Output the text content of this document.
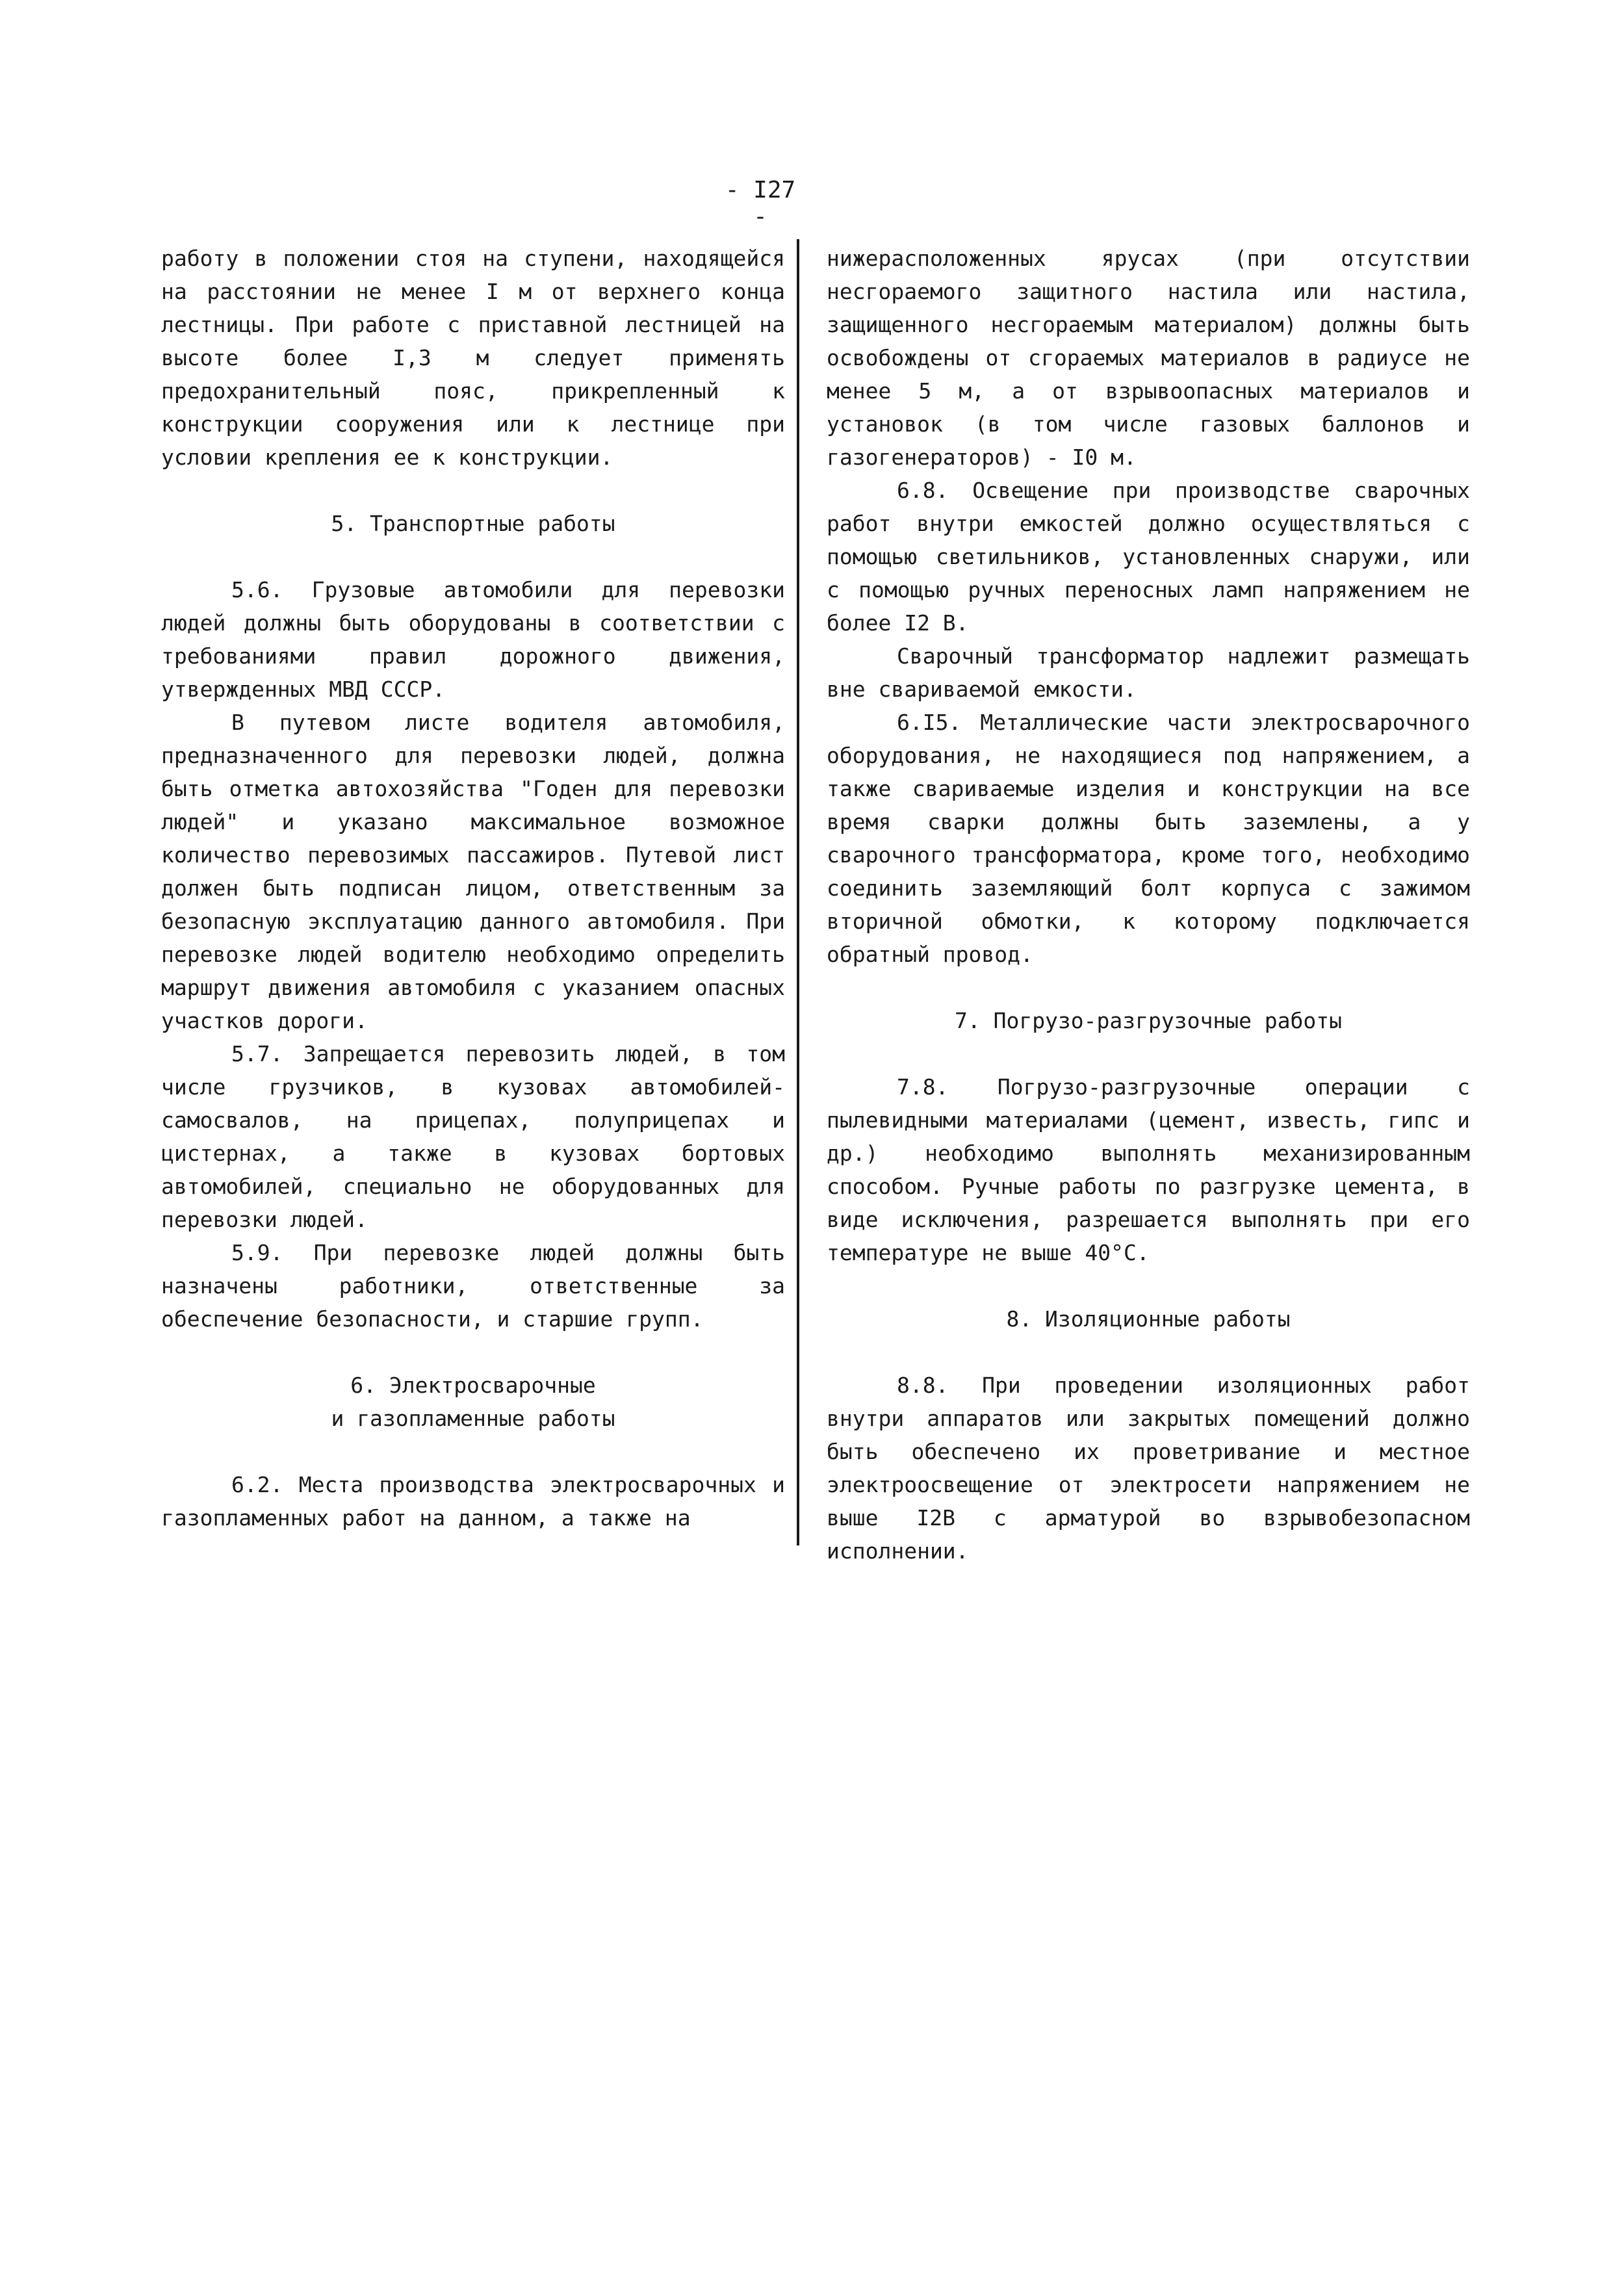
- I27 -

работу в положении стоя на ступени, находящейся на расстоянии не менее I м от верхнего конца лестницы. При работе с приставной лестницей на высоте более I,3 м следует применять предохранительный пояс, прикрепленный к конструкции сооружения или к лестнице при условии крепления ее к конструкции.

5. Транспортные работы

5.6. Грузовые автомобили для перевозки людей должны быть оборудованы в соответствии с требованиями правил дорожного движения, утвержденных МВД СССР.

В путевом листе водителя автомобиля, предназначенного для перевозки людей, должна быть отметка автохозяйства "Годен для перевозки людей" и указано максимальное возможное количество перевозимых пассажиров. Путевой лист должен быть подписан лицом, ответственным за безопасную эксплуатацию данного автомобиля. При перевозке людей водителю необходимо определить маршрут движения автомобиля с указанием опасных участков дороги.

5.7. Запрещается перевозить людей, в том числе грузчиков, в кузовах автомобилей-самосвалов, на прицепах, полуприцепах и цистернах, а также в кузовах бортовых автомобилей, специально не оборудованных для перевозки людей.

5.9. При перевозке людей должны быть назначены работники, ответственные за обеспечение безопасности, и старшие групп.

6. Электросварочные

и газопламенные работы

6.2. Места производства электросварочных и газопламенных работ на данном, а также на

нижерасположенных ярусах (при отсутствии несгораемого защитного настила или настила, защищенного несгораемым материалом) должны быть освобождены от сгораемых материалов в радиусе не менее 5 м, а от взрывоопасных материалов и установок (в том числе газовых баллонов и газогенераторов) - I0 м.

6.8. Освещение при производстве сварочных работ внутри емкостей должно осуществляться с помощью светильников, установленных снаружи, или с помощью ручных переносных ламп напряжением не более I2 В.

Сварочный трансформатор надлежит размещать вне свариваемой емкости.

6.I5. Металлические части электросварочного оборудования, не находящиеся под напряжением, а также свариваемые изделия и конструкции на все время сварки должны быть заземлены, а у сварочного трансформатора, кроме того, необходимо соединить заземляющий болт корпуса с зажимом вторичной обмотки, к которому подключается обратный провод.

7. Погрузо-разгрузочные работы

7.8. Погрузо-разгрузочные операции с пылевидными материалами (цемент, известь, гипс и др.) необходимо выполнять механизированным способом. Ручные работы по разгрузке цемента, в виде исключения, разрешается выполнять при его температуре не выше 40°С.

8. Изоляционные работы

8.8. При проведении изоляционных работ внутри аппаратов или закрытых помещений должно быть обеспечено их проветривание и местное электроосвещение от электросети напряжением не выше I2В с арматурой во взрывобезопасном исполнении.
